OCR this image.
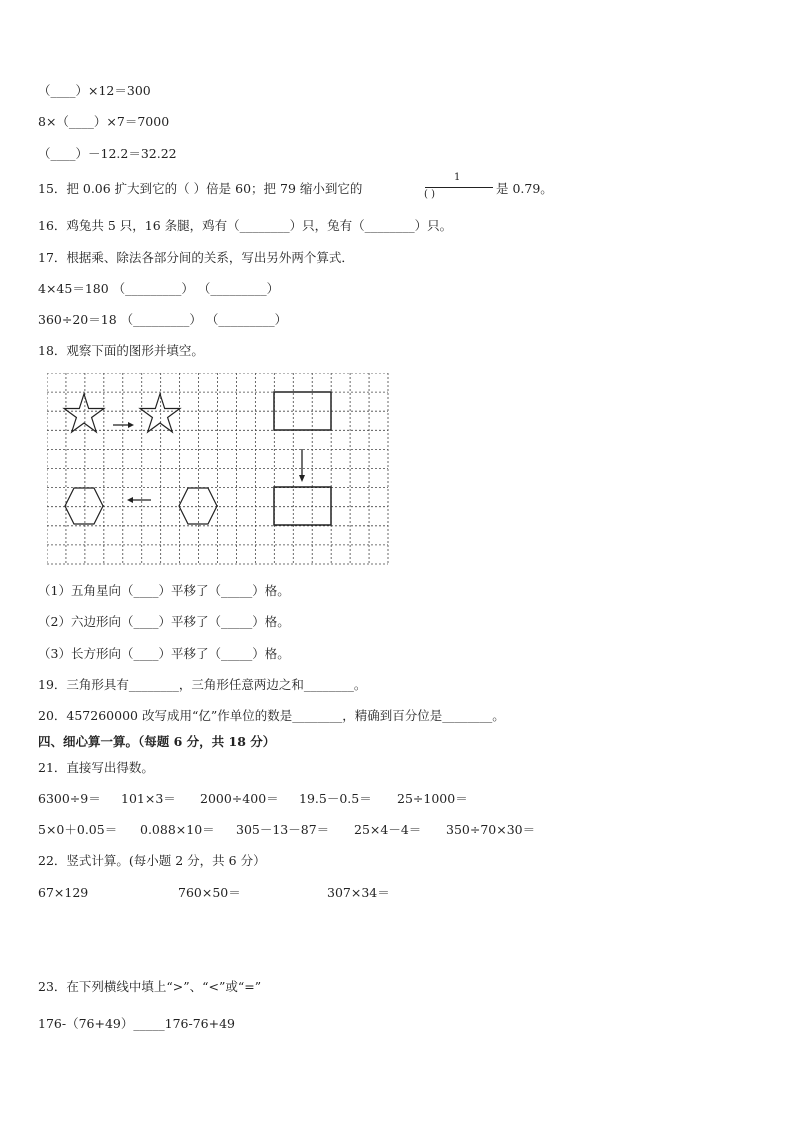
（____）×12＝300
8×（____）×7＝7000
（____）－12.2＝32.22
15．把 0.06 扩大到它的（ ）倍是 60；把 79 缩小到它的
1
( )	是 0.79。
16．鸡兔共 5 只，16 条腿，鸡有（________）只，兔有（________）只。
17．根据乘、除法各部分间的关系，写出另外两个算式．
4×45＝180 （_________） （_________）
360÷20＝18 （_________） （_________）
18．观察下面的图形并填空。
（1）五角星向（____）平移了（_____）格。
（2）六边形向（____）平移了（_____）格。
（3）长方形向（____）平移了（_____）格。
19．三角形具有________，三角形任意两边之和________。
20．457260000 改写成用“亿”作单位的数是________，精确到百分位是________。
四、细心算一算。（每题 6 分，共 18 分）
21．直接写出得数。
6300÷9＝ 101×3＝ 2000÷400＝ 19.5－0.5＝ 25÷1000＝
5×0＋0.05＝ 0.088×10＝ 305－13－87＝ 25×4－4＝ 350÷70×30＝
22．竖式计算。(每小题 2 分，共 6 分）
67×129	760×50＝	307×34＝
23．在下列横线中填上“>”、“<”或“=”
176-（76+49）_____176-76+49
